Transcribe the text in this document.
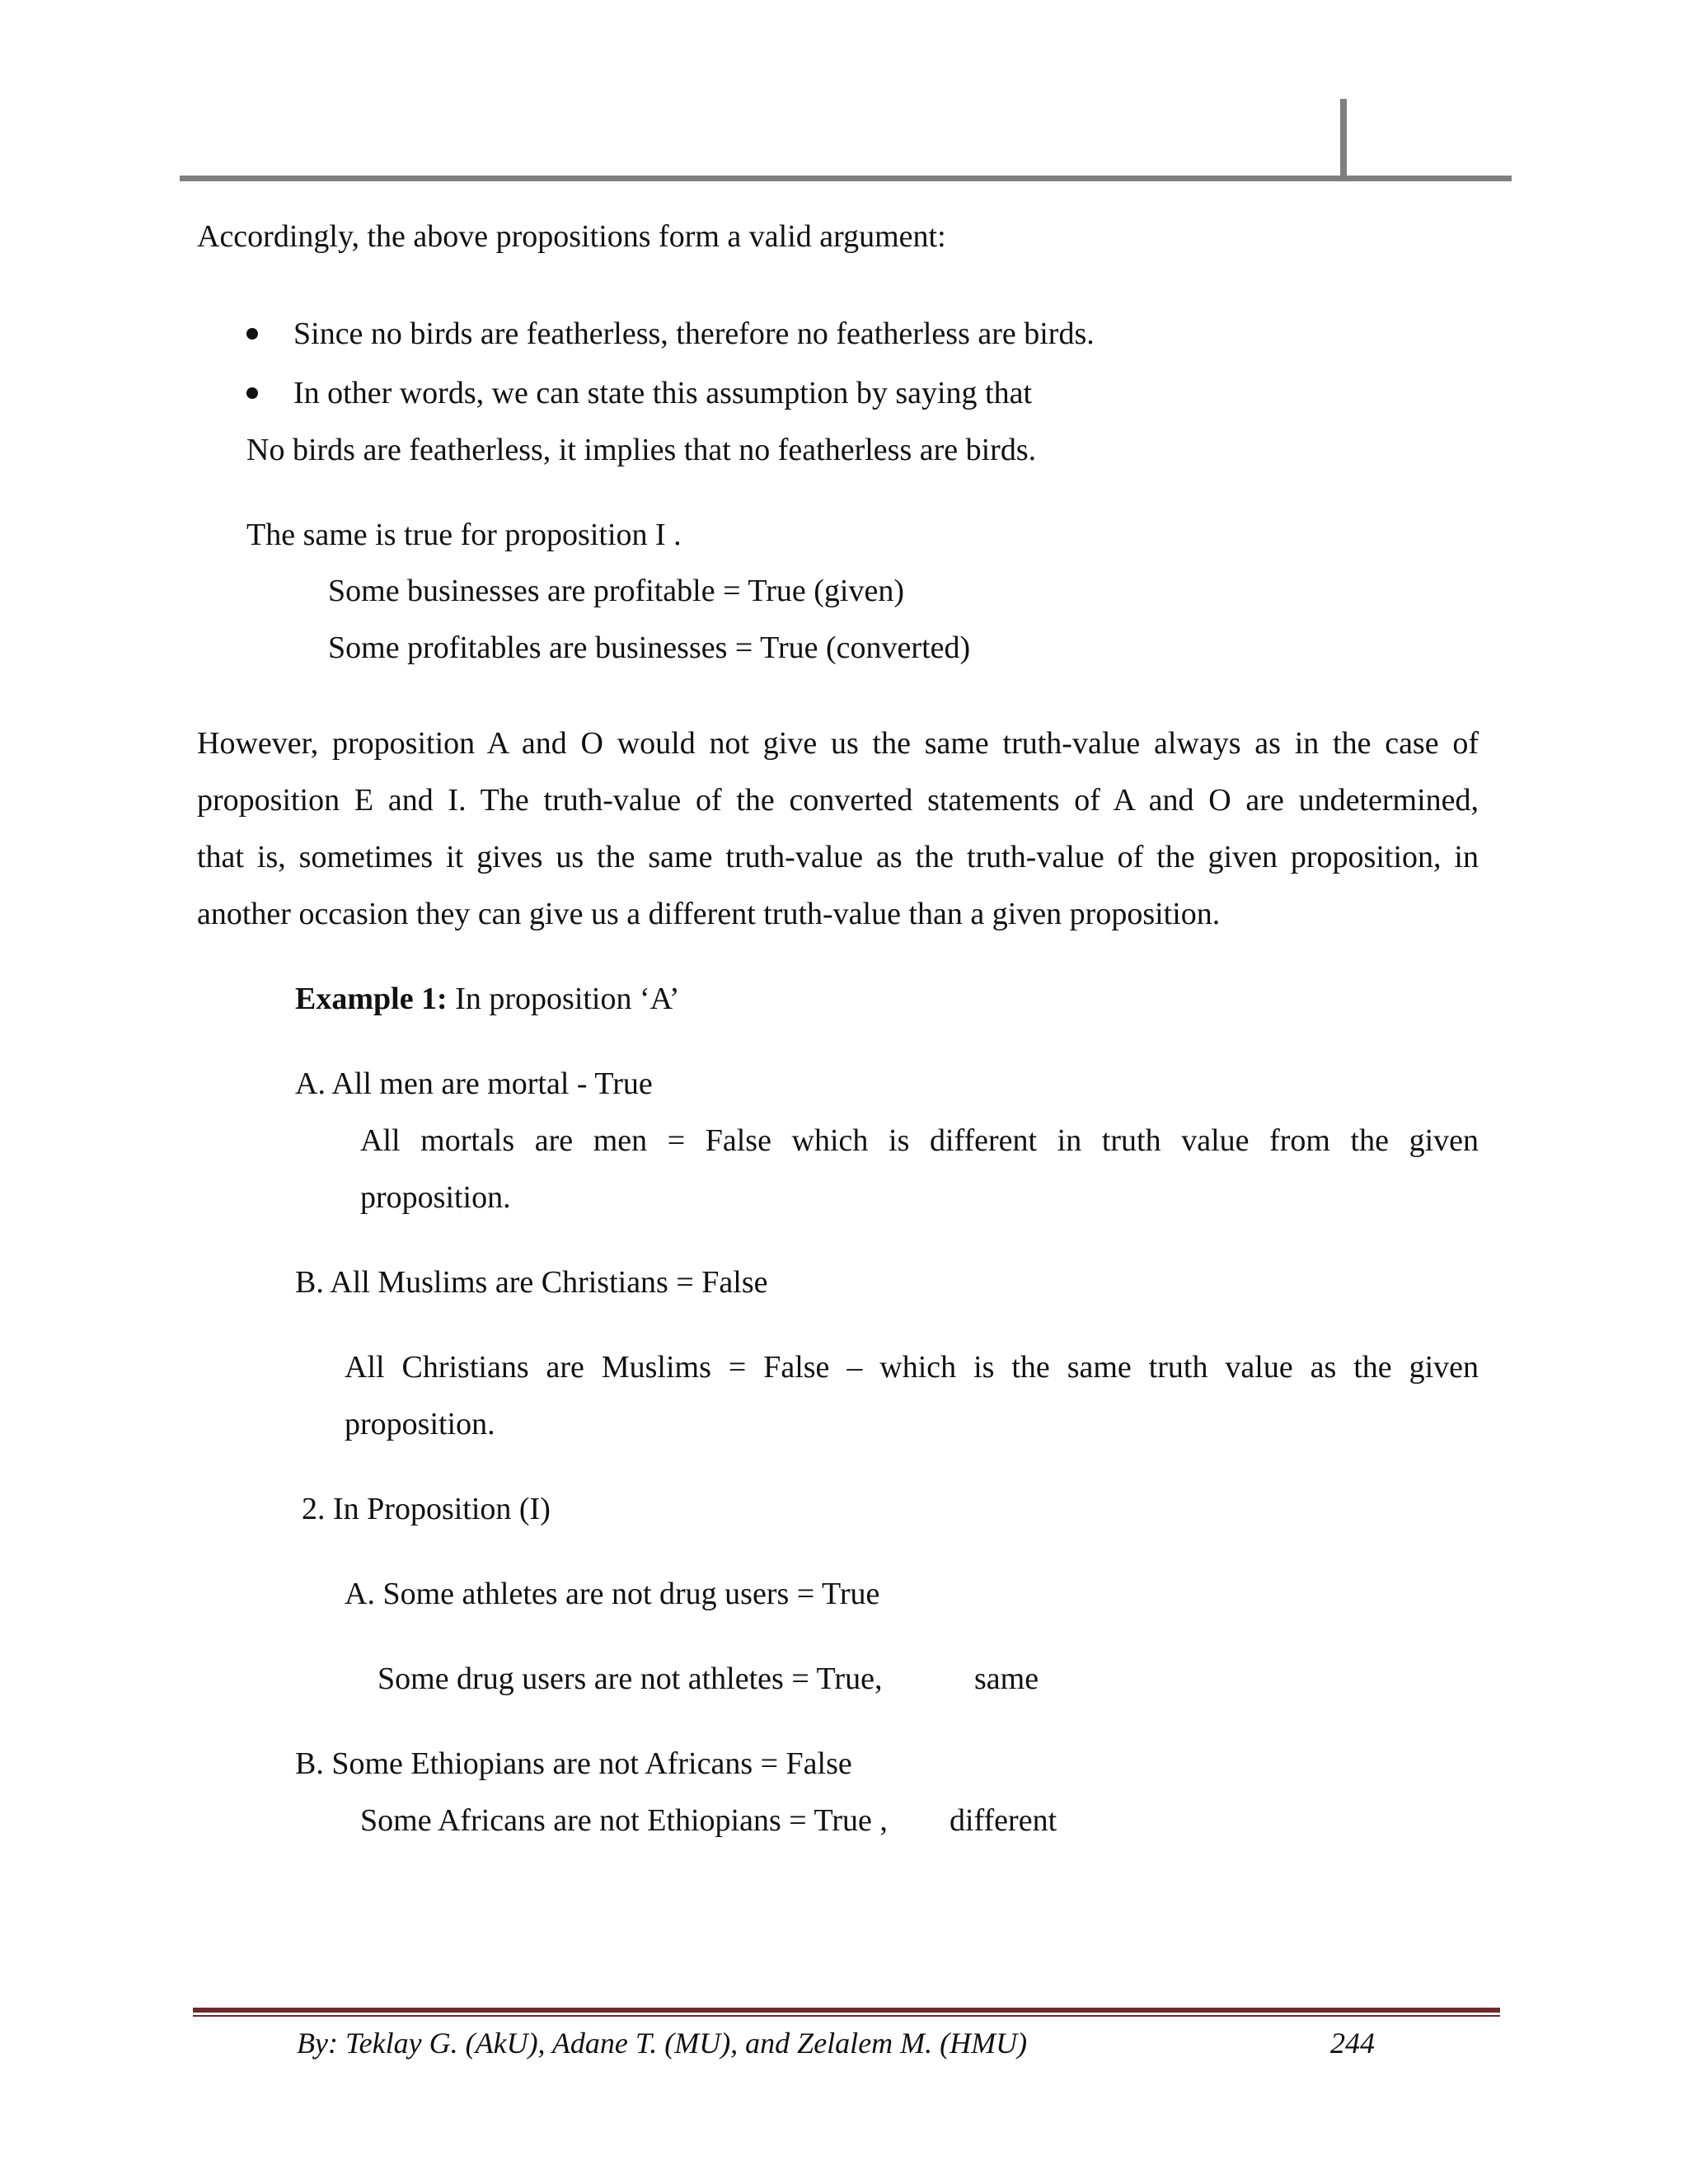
Accordingly, the above propositions form a valid argument:

Since no birds are featherless, therefore no featherless are birds.

In other words, we can state this assumption by saying that

No birds are featherless, it implies that no featherless are birds.

The same is true for proposition I .

Some businesses are profitable = True (given)

Some profitables are businesses = True (converted)

However, proposition A and O would not give us the same truth-value always as in the case of

proposition E and I. The truth-value of the converted statements of A and O are undetermined,

that is, sometimes it gives us the same truth-value as the truth-value of the given proposition, in

another occasion they can give us a different truth-value than a given proposition.

Example 1: In proposition ‘A’

A. All men are mortal - True

All mortals are men = False which is different in truth value from the given

proposition.

B. All Muslims are Christians = False

All Christians are Muslims = False – which is the same truth value as the given

proposition.

2. In Proposition (I)

A. Some athletes are not drug users = True

Some drug users are not athletes = True,	same

B. Some Ethiopians are not Africans = False

Some Africans are not Ethiopians = True , different

By: Teklay G. (AkU), Adane T. (MU), and Zelalem M. (HMU)	244
